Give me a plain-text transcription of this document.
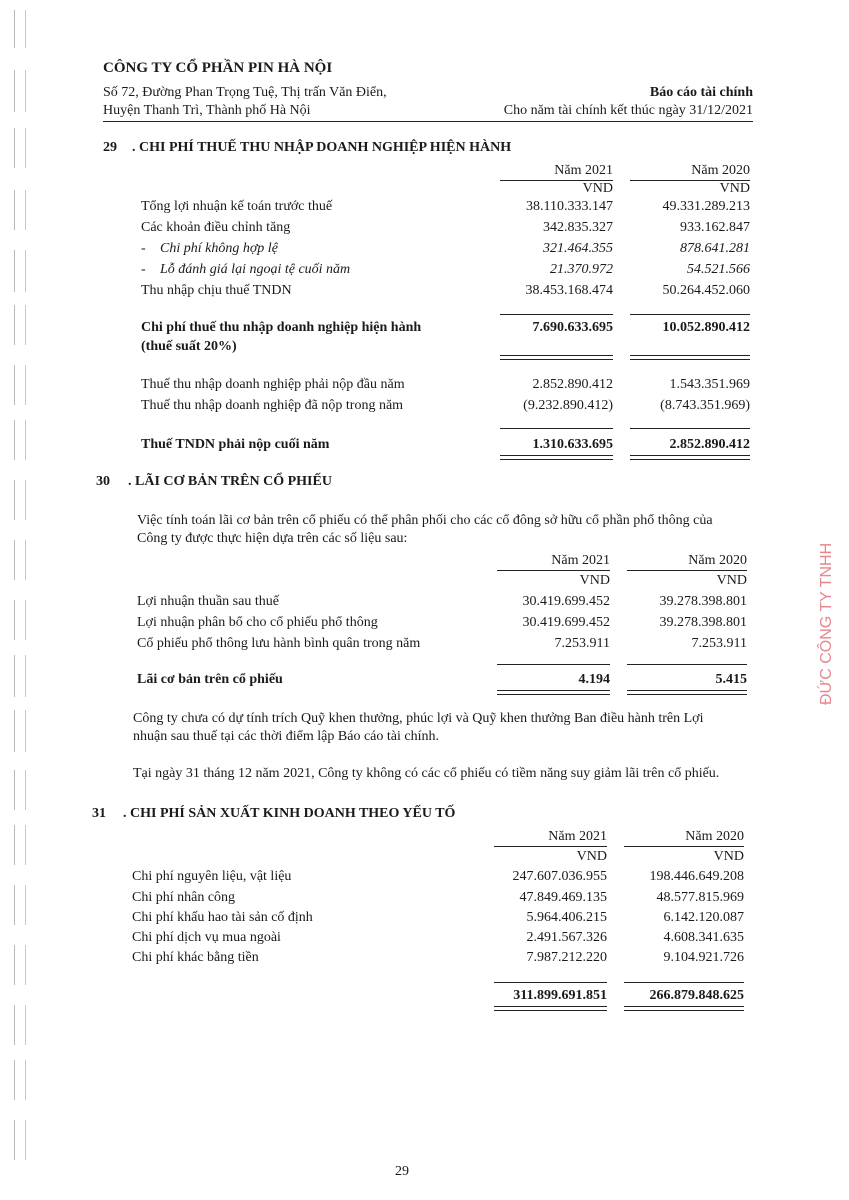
CÔNG TY CỔ PHẦN PIN HÀ NỘI
Số 72, Đường Phan Trọng Tuệ, Thị trấn Văn Điển,
Huyện Thanh Trì, Thành phố Hà Nội
Báo cáo tài chính
Cho năm tài chính kết thúc ngày 31/12/2021
29 . CHI PHÍ THUẾ THU NHẬP DOANH NGHIỆP HIỆN HÀNH
Năm 2021	Năm 2020
VND	VND
Tổng lợi nhuận kế toán trước thuế	38.110.333.147	49.331.289.213
Các khoản điều chỉnh tăng	342.835.327	933.162.847
- Chi phí không hợp lệ	321.464.355	878.641.281
- Lỗ đánh giá lại ngoại tệ cuối năm	21.370.972	54.521.566
Thu nhập chịu thuế TNDN	38.453.168.474	50.264.452.060
Chi phí thuế thu nhập doanh nghiệp hiện hành
(thuế suất 20%)
7.690.633.695	10.052.890.412
Thuế thu nhập doanh nghiệp phải nộp đầu năm	2.852.890.412	1.543.351.969
Thuế thu nhập doanh nghiệp đã nộp trong năm	(9.232.890.412)	(8.743.351.969)
Thuế TNDN phải nộp cuối năm	1.310.633.695	2.852.890.412
30 . LÃI CƠ BẢN TRÊN CỔ PHIẾU
Việc tính toán lãi cơ bản trên cổ phiếu có thể phân phối cho các cổ đông sở hữu cổ phần phổ thông của
Công ty được thực hiện dựa trên các số liệu sau:
Năm 2021	Năm 2020
VND	VND
Lợi nhuận thuần sau thuế	30.419.699.452	39.278.398.801
Lợi nhuận phân bổ cho cổ phiếu phổ thông	30.419.699.452	39.278.398.801
Cổ phiếu phổ thông lưu hành bình quân trong năm	7.253.911	7.253.911
Lãi cơ bản trên cổ phiếu	4.194	5.415
Công ty chưa có dự tính trích Quỹ khen thưởng, phúc lợi và Quỹ khen thưởng Ban điều hành trên Lợi
nhuận sau thuế tại các thời điểm lập Báo cáo tài chính.
Tại ngày 31 tháng 12 năm 2021, Công ty không có các cổ phiếu có tiềm năng suy giảm lãi trên cổ phiếu.
31 . CHI PHÍ SẢN XUẤT KINH DOANH THEO YẾU TỐ
Năm 2021	Năm 2020
VND	VND
Chi phí nguyên liệu, vật liệu	247.607.036.955	198.446.649.208
Chi phí nhân công	47.849.469.135	48.577.815.969
Chi phí khấu hao tài sản cố định	5.964.406.215	6.142.120.087
Chi phí dịch vụ mua ngoài	2.491.567.326	4.608.341.635
Chi phí khác bằng tiền	7.987.212.220	9.104.921.726
311.899.691.851	266.879.848.625
29
ĐỨC CÔNG TY TNHH
